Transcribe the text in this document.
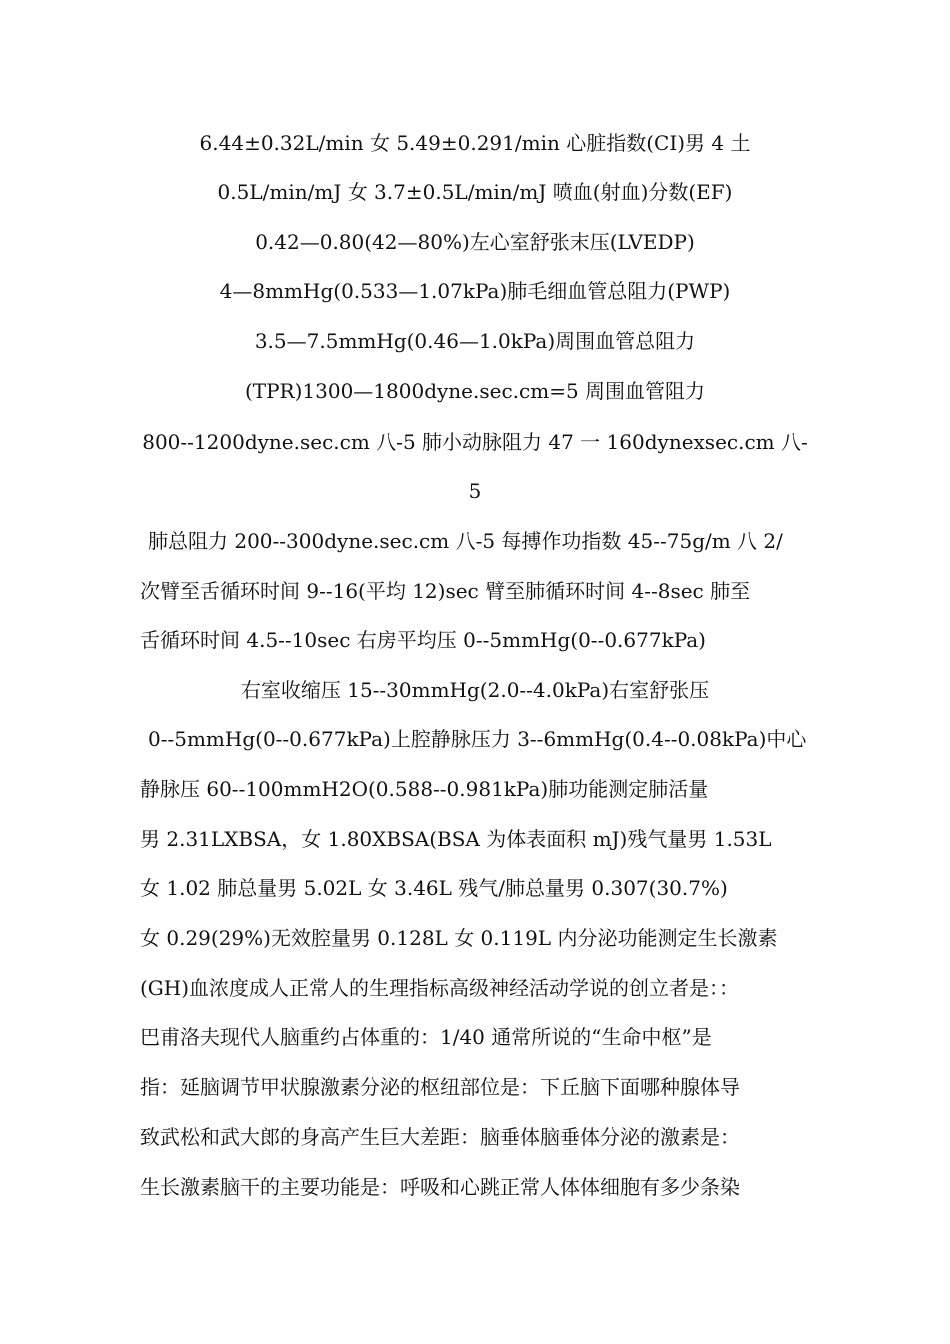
6.44±0.32L/min 女 5.49±0.291/min 心脏指数(CI)男 4 土
0.5L/min/mJ 女 3.7±0.5L/min/mJ 喷血(射血)分数(EF)
0.42—0.80(42—80%)左心室舒张末压(LVEDP)
4—8mmHg(0.533—1.07kPa)肺毛细血管总阻力(PWP)
3.5—7.5mmHg(0.46—1.0kPa)周围血管总阻力
(TPR)1300—1800dyne.sec.cm=5 周围血管阻力
800--1200dyne.sec.cm 八-5 肺小动脉阻力 47 一 160dynexsec.cm 八-
5
肺总阻力 200--300dyne.sec.cm 八-5 每搏作功指数 45--75g/m 八 2/
次臂至舌循环时间 9--16(平均 12)sec 臂至肺循环时间 4--8sec 肺至
舌循环时间 4.5--10sec 右房平均压 0--5mmHg(0--0.677kPa)
右室收缩压 15--30mmHg(2.0--4.0kPa)右室舒张压
0--5mmHg(0--0.677kPa)上腔静脉压力 3--6mmHg(0.4--0.08kPa)中心
静脉压 60--100mmH2O(0.588--0.981kPa)肺功能测定肺活量
男 2.31LXBSA，女 1.80XBSA(BSA 为体表面积 mJ)残气量男 1.53L
女 1.02 肺总量男 5.02L 女 3.46L 残气/肺总量男 0.307(30.7%)
女 0.29(29%)无效腔量男 0.128L 女 0.119L 内分泌功能测定生长激素
(GH)血浓度成人正常人的生理指标高级神经活动学说的创立者是：：
巴甫洛夫现代人脑重约占体重的：1/40 通常所说的“生命中枢”是
指：延脑调节甲状腺激素分泌的枢纽部位是：下丘脑下面哪种腺体导
致武松和武大郎的身高产生巨大差距：脑垂体脑垂体分泌的激素是：
生长激素脑干的主要功能是：呼吸和心跳正常人体体细胞有多少条染
